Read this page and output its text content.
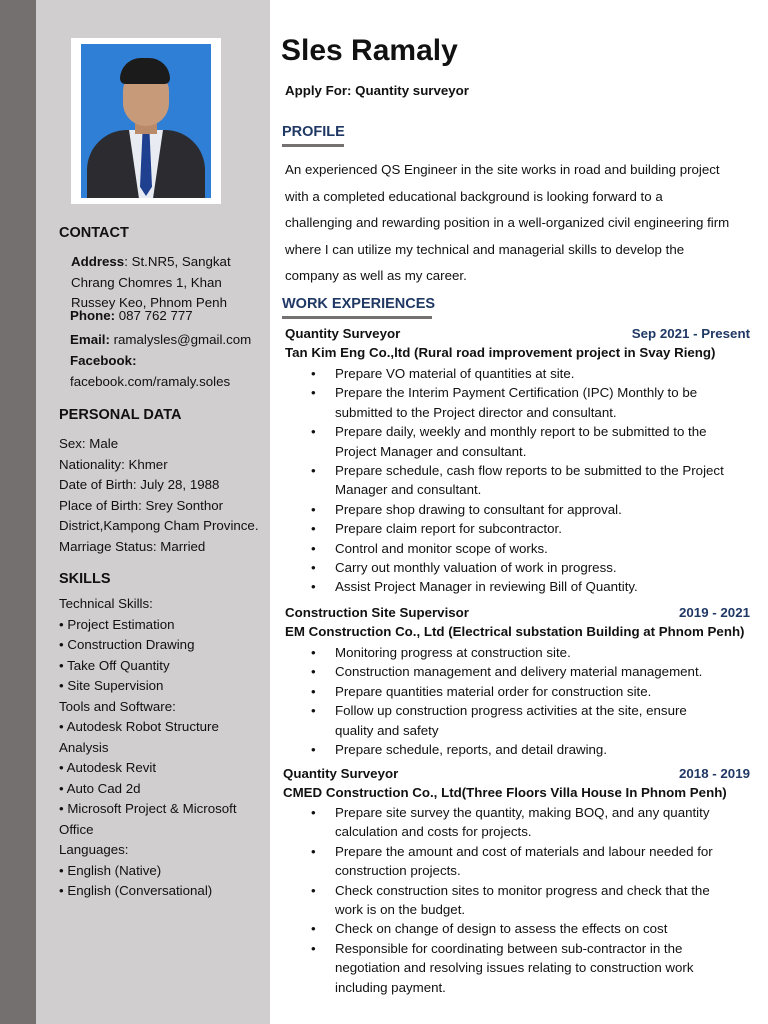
CONTACT
Address: St.NR5, Sangkat
Chrang Chomres 1, Khan
Russey Keo, Phnom Penh
Phone: 087 762 777
Email: ramalysles@gmail.com
Facebook:
facebook.com/ramaly.soles
PERSONAL DATA
Sex: Male
Nationality: Khmer
Date of Birth: July 28, 1988
Place of Birth: Srey Sonthor
District,Kampong Cham Province.
Marriage Status: Married
SKILLS
Technical Skills:
• Project Estimation
• Construction Drawing
• Take Off Quantity
• Site Supervision
Tools and Software:
• Autodesk Robot Structure
Analysis
• Autodesk Revit
• Auto Cad 2d
• Microsoft Project & Microsoft
Office
Languages:
• English (Native)
• English (Conversational)
Sles Ramaly
Apply For: Quantity surveyor
PROFILE
An experienced QS Engineer in the site works in road and building project
with a completed educational background is looking forward to a
challenging and rewarding position in a well-organized civil engineering firm
where I can utilize my technical and managerial skills to develop the
company as well as my career.
WORK EXPERIENCES
Quantity Surveyor	Sep 2021 - Present
Tan Kim Eng Co.,ltd (Rural road improvement project in Svay Rieng)
• Prepare VO material of quantities at site.
• Prepare the Interim Payment Certification (IPC) Monthly to be
submitted to the Project director and consultant.
• Prepare daily, weekly and monthly report to be submitted to the
Project Manager and consultant.
• Prepare schedule, cash flow reports to be submitted to the Project
Manager and consultant.
• Prepare shop drawing to consultant for approval.
• Prepare claim report for subcontractor.
• Control and monitor scope of works.
• Carry out monthly valuation of work in progress.
• Assist Project Manager in reviewing Bill of Quantity.
Construction Site Supervisor	2019 - 2021
EM Construction Co., Ltd (Electrical substation Building at Phnom Penh)
• Monitoring progress at construction site.
• Construction management and delivery material management.
• Prepare quantities material order for construction site.
• Follow up construction progress activities at the site, ensure
quality and safety
• Prepare schedule, reports, and detail drawing.
Quantity Surveyor	2018 - 2019
CMED Construction Co., Ltd(Three Floors Villa House In Phnom Penh)
• Prepare site survey the quantity, making BOQ, and any quantity
calculation and costs for projects.
• Prepare the amount and cost of materials and labour needed for
construction projects.
• Check construction sites to monitor progress and check that the
work is on the budget.
• Check on change of design to assess the effects on cost
• Responsible for coordinating between sub-contractor in the
negotiation and resolving issues relating to construction work
including payment.
